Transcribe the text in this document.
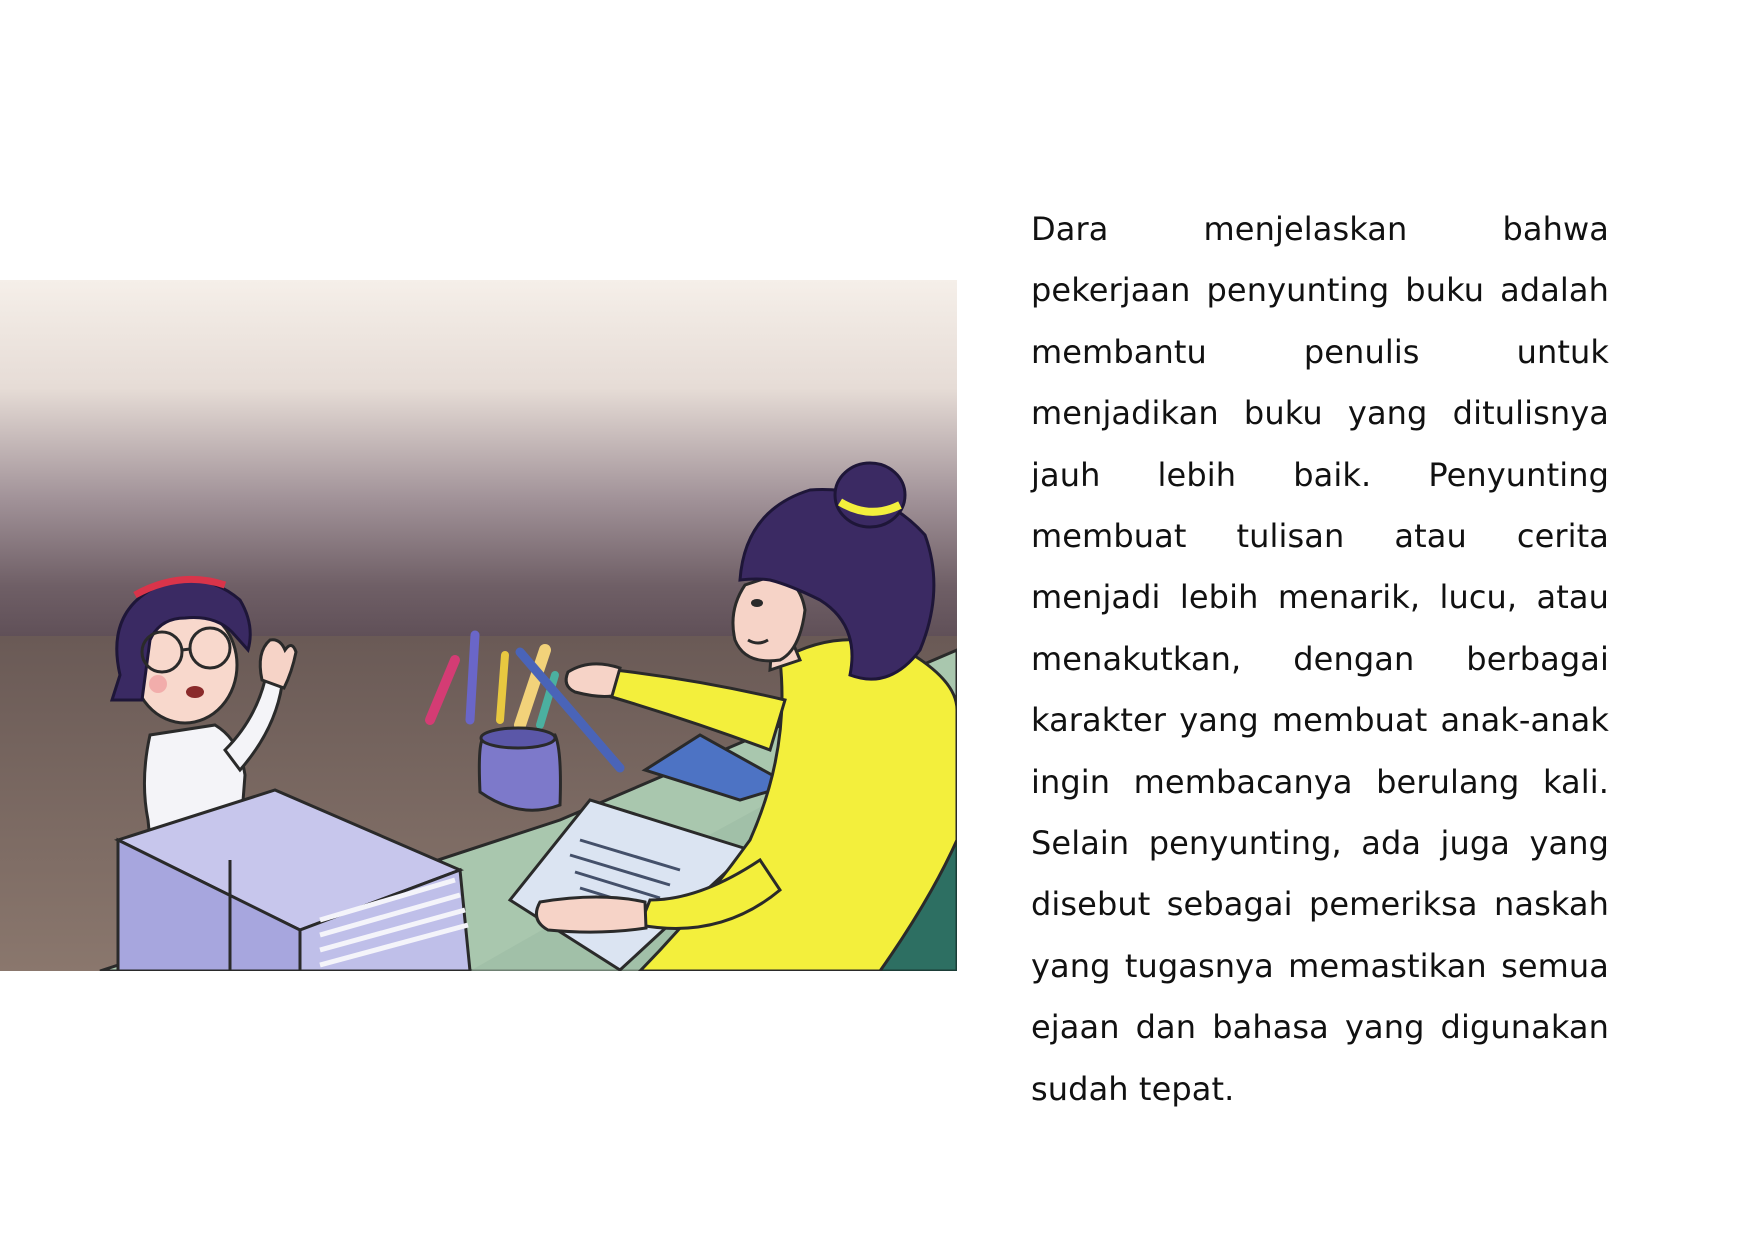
Dara menjelaskan bahwa pekerjaan penyunting buku adalah membantu penulis untuk menjadikan buku yang ditulisnya jauh lebih baik. Penyunting membuat tulisan atau cerita menjadi lebih menarik, lucu, atau menakutkan, dengan berbagai karakter yang membuat anak-anak ingin membacanya berulang kali. Selain penyunting, ada juga yang disebut sebagai pemeriksa naskah yang tugasnya memastikan semua ejaan dan bahasa yang digunakan sudah tepat.
